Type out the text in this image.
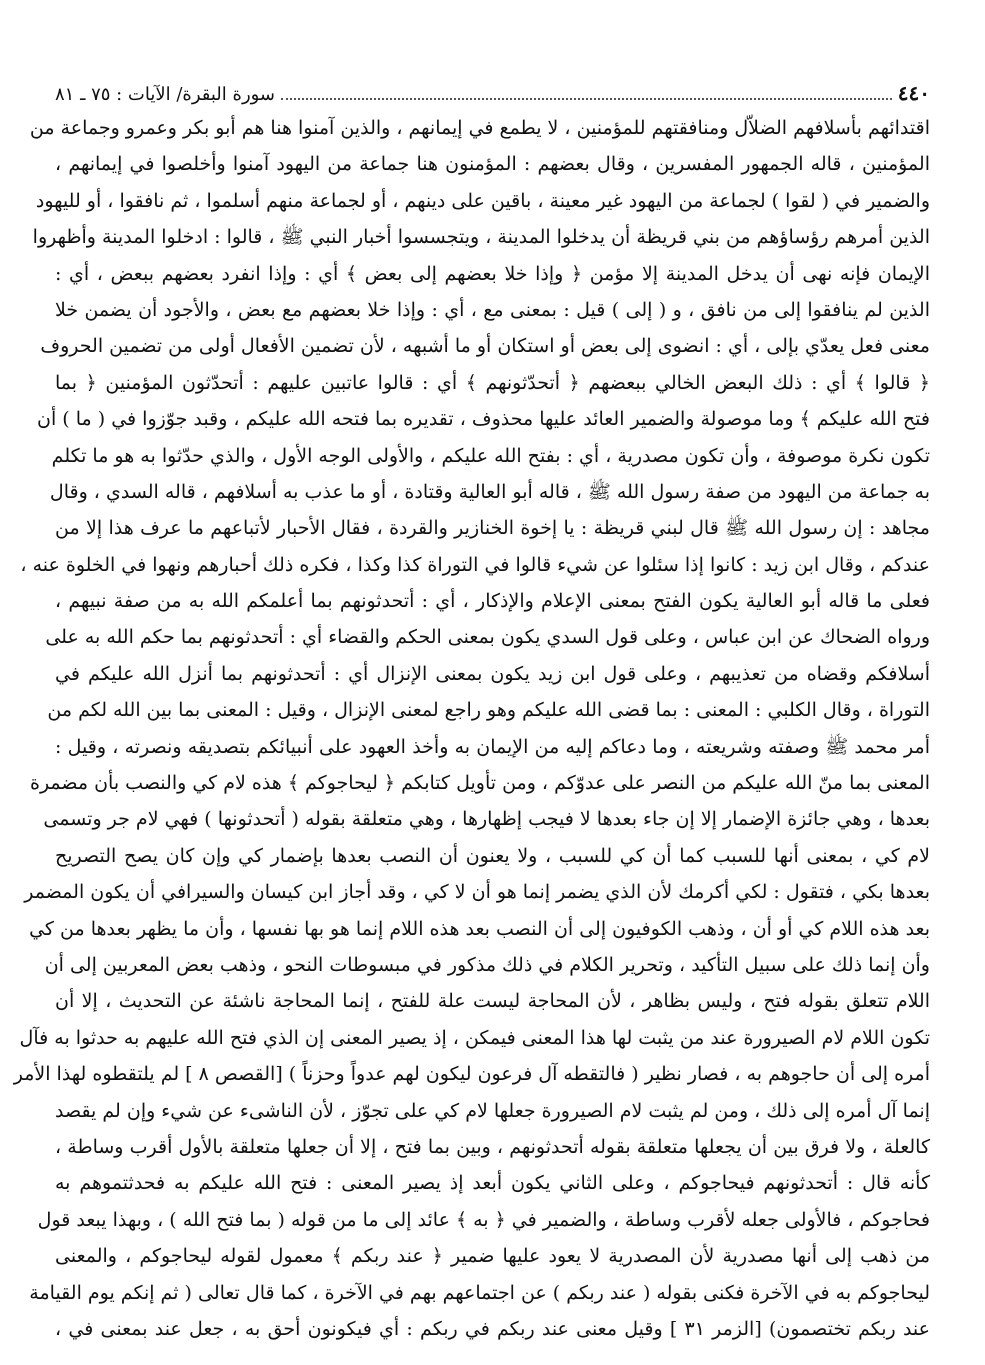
٤٤٠
سورة البقرة/ الآيات : ٧٥ ـ ٨١
اقتدائهم بأسلافهم الضلاّل ومنافقتهم للمؤمنين ، لا يطمع في إيمانهم ، والذين آمنوا هنا هم أبو بكر وعمرو وجماعة من
المؤمنين ، قاله الجمهور المفسرين ، وقال بعضهم : المؤمنون هنا جماعة من اليهود آمنوا وأخلصوا في إيمانهم ،
والضمير في ( لقوا ) لجماعة من اليهود غير معينة ، باقين على دينهم ، أو لجماعة منهم أسلموا ، ثم نافقوا ، أو لليهود
الذين أمرهم رؤساؤهم من بني قريظة أن يدخلوا المدينة ، ويتجسسوا أخبار النبي ﷺ ، قالوا : ادخلوا المدينة وأظهروا
الإيمان فإنه نهى أن يدخل المدينة إلا مؤمن ﴿ وإذا خلا بعضهم إلى بعض ﴾ أي : وإذا انفرد بعضهم ببعض ، أي :
الذين لم ينافقوا إلى من نافق ، و ( إلى ) قيل : بمعنى مع ، أي : وإذا خلا بعضهم مع بعض ، والأجود أن يضمن خلا
معنى فعل يعدّي بإلى ، أي : انضوى إلى بعض أو استكان أو ما أشبهه ، لأن تضمين الأفعال أولى من تضمين الحروف
﴿ قالوا ﴾ أي : ذلك البعض الخالي ببعضهم ﴿ أتحدّثونهم ﴾ أي : قالوا عاتبين عليهم : أتحدّثون المؤمنين ﴿ بما
فتح الله عليكم ﴾ وما موصولة والضمير العائد عليها محذوف ، تقديره بما فتحه الله عليكم ، وقبد جوّزوا في ( ما ) أن
تكون نكرة موصوفة ، وأن تكون مصدرية ، أي : بفتح الله عليكم ، والأولى الوجه الأول ، والذي حدّثوا به هو ما تكلم
به جماعة من اليهود من صفة رسول الله ﷺ ، قاله أبو العالية وقتادة ، أو ما عذب به أسلافهم ، قاله السدي ، وقال
مجاهد : إن رسول الله ﷺ قال لبني قريظة : يا إخوة الخنازير والقردة ، فقال الأحبار لأتباعهم ما عرف هذا إلا من
عندكم ، وقال ابن زيد : كانوا إذا سئلوا عن شيء قالوا في التوراة كذا وكذا ، فكره ذلك أحبارهم ونهوا في الخلوة عنه ،
فعلى ما قاله أبو العالية يكون الفتح بمعنى الإعلام والإذكار ، أي : أتحدثونهم بما أعلمكم الله به من صفة نبيهم ،
ورواه الضحاك عن ابن عباس ، وعلى قول السدي يكون بمعنى الحكم والقضاء أي : أتحدثونهم بما حكم الله به على
أسلافكم وقضاه من تعذيبهم ، وعلى قول ابن زيد يكون بمعنى الإنزال أي : أتحدثونهم بما أنزل الله عليكم في
التوراة ، وقال الكلبي : المعنى : بما قضى الله عليكم وهو راجع لمعنى الإنزال ، وقيل : المعنى بما بين الله لكم من
أمر محمد ﷺ وصفته وشريعته ، وما دعاكم إليه من الإيمان به وأخذ العهود على أنبيائكم بتصديقه ونصرته ، وقيل :
المعنى بما منّ الله عليكم من النصر على عدوّكم ، ومن تأويل كتابكم ﴿ ليحاجوكم ﴾ هذه لام كي والنصب بأن مضمرة
بعدها ، وهي جائزة الإضمار إلا إن جاء بعدها لا فيجب إظهارها ، وهي متعلقة بقوله ( أتحدثونها ) فهي لام جر وتسمى
لام كي ، بمعنى أنها للسبب كما أن كي للسبب ، ولا يعنون أن النصب بعدها بإضمار كي وإن كان يصح التصريح
بعدها بكي ، فتقول : لكي أكرمك لأن الذي يضمر إنما هو أن لا كي ، وقد أجاز ابن كيسان والسيرافي أن يكون المضمر
بعد هذه اللام كي أو أن ، وذهب الكوفيون إلى أن النصب بعد هذه اللام إنما هو بها نفسها ، وأن ما يظهر بعدها من كي
وأن إنما ذلك على سبيل التأكيد ، وتحرير الكلام في ذلك مذكور في مبسوطات النحو ، وذهب بعض المعربين إلى أن
اللام تتعلق بقوله فتح ، وليس بظاهر ، لأن المحاجة ليست علة للفتح ، إنما المحاجة ناشئة عن التحديث ، إلا أن
تكون اللام لام الصيرورة عند من يثبت لها هذا المعنى فيمكن ، إذ يصير المعنى إن الذي فتح الله عليهم به حدثوا به فآل
أمره إلى أن حاجوهم به ، فصار نظير ( فالتقطه آل فرعون ليكون لهم عدواً وحزناً ) [القصص ٨ ] لم يلتقطوه لهذا الأمر
إنما آل أمره إلى ذلك ، ومن لم يثبت لام الصيرورة جعلها لام كي على تجوّز ، لأن الناشىء عن شيء وإن لم يقصد
كالعلة ، ولا فرق بين أن يجعلها متعلقة بقوله أتحدثونهم ، وبين بما فتح ، إلا أن جعلها متعلقة بالأول أقرب وساطة ،
كأنه قال : أتحدثونهم فيحاجوكم ، وعلى الثاني يكون أبعد إذ يصير المعنى : فتح الله عليكم به فحدثتموهم به
فحاجوكم ، فالأولى جعله لأقرب وساطة ، والضمير في ﴿ به ﴾ عائد إلى ما من قوله ( بما فتح الله ) ، وبهذا يبعد قول
من ذهب إلى أنها مصدرية لأن المصدرية لا يعود عليها ضمير ﴿ عند ربكم ﴾ معمول لقوله ليحاجوكم ، والمعنى
ليحاجوكم به في الآخرة فكنى بقوله ( عند ربكم ) عن اجتماعهم بهم في الآخرة ، كما قال تعالى ( ثم إنكم يوم القيامة
عند ربكم تختصمون) [الزمر ٣١ ] وقيل معنى عند ربكم في ربكم : أي فيكونون أحق به ، جعل عند بمعنى في ،
